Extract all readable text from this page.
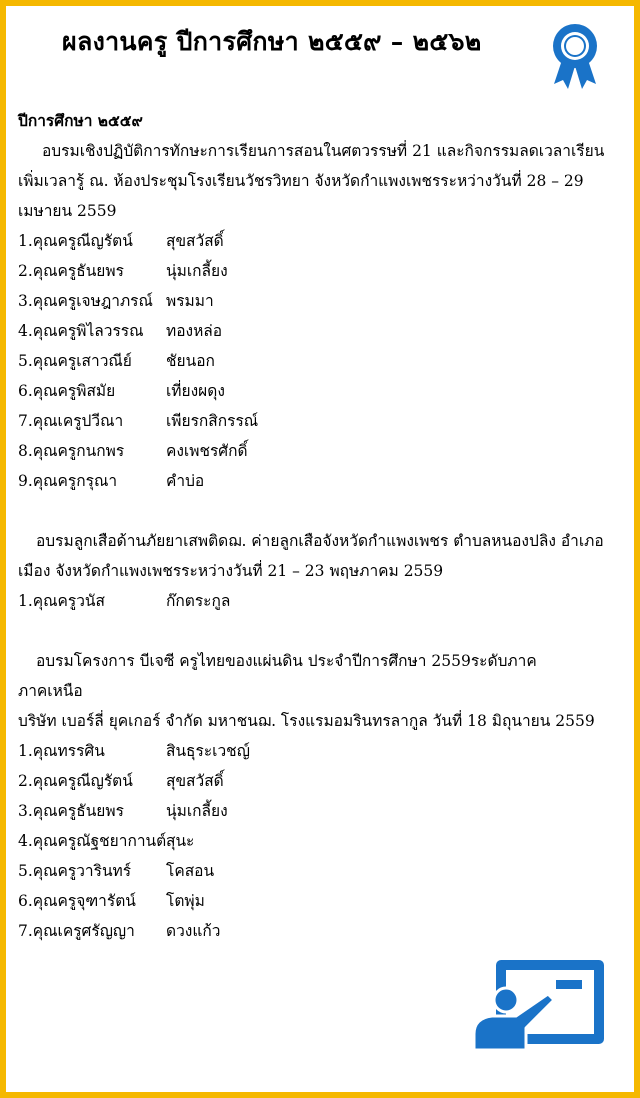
ผลงานครู ปีการศึกษา ๒๕๕๙ – ๒๕๖๒
ปีการศึกษา ๒๕๕๙

อบรมเชิงปฏิบัติการทักษะการเรียนการสอนในศตวรรษที่ 21 และกิจกรรมลดเวลาเรียนเพิ่มเวลารู้ ณ. ห้องประชุมโรงเรียนวัชรวิทยา จังหวัดกำแพงเพชรระหว่างวันที่ 28 – 29 เมษายน 2559

1.คุณครูณีญรัตน์	สุขสวัสดิ์
2.คุณครูธันยพร	นุ่มเกลี้ยง
3.คุณครูเจษฎาภรณ์ พรมมา
4.คุณครูพิไลวรรณ	ทองหล่อ
5.คุณครูเสาวณีย์	ชัยนอก
6.คุณครูพิสมัย	เที่ยงผดุง
7.คุณเครูปวีณา	เพียรกสิกรรณ์
8.คุณครูกนกพร	คงเพชรศักดิ์
9.คุณครูกรุณา	คำบ่อ

อบรมลูกเสือด้านภัยยาเสพติดฌ. ค่ายลูกเสือจังหวัดกำแพงเพชร ตำบลหนองปลิง อำเภอเมือง จังหวัดกำแพงเพชรระหว่างวันที่ 21 – 23 พฤษภาคม 2559

1.คุณครูวนัส	ก๊กตระกูล

อบรมโครงการ บีเจซี ครูไทยของแผ่นดิน ประจำปีการศึกษา 2559ระดับภาค

ภาคเหนือ
บริษัท เบอร์ลี่ ยุคเกอร์ จำกัด มหาชนฌ. โรงแรมอมรินทรลากูล วันที่ 18 มิถุนายน 2559
1.คุณทรรศิน	สินธุระเวชญ์
2.คุณครูณีญรัตน์	สุขสวัสดิ์
3.คุณครูธันยพร	นุ่มเกลี้ยง
4.คุณครูณัฐชยากานต์ สุนะ
5.คุณครูวารินทร์	โคสอน
6.คุณครูจุฑารัตน์	โตพุ่ม
7.คุณเครูศรัญญา	ดวงแก้ว
